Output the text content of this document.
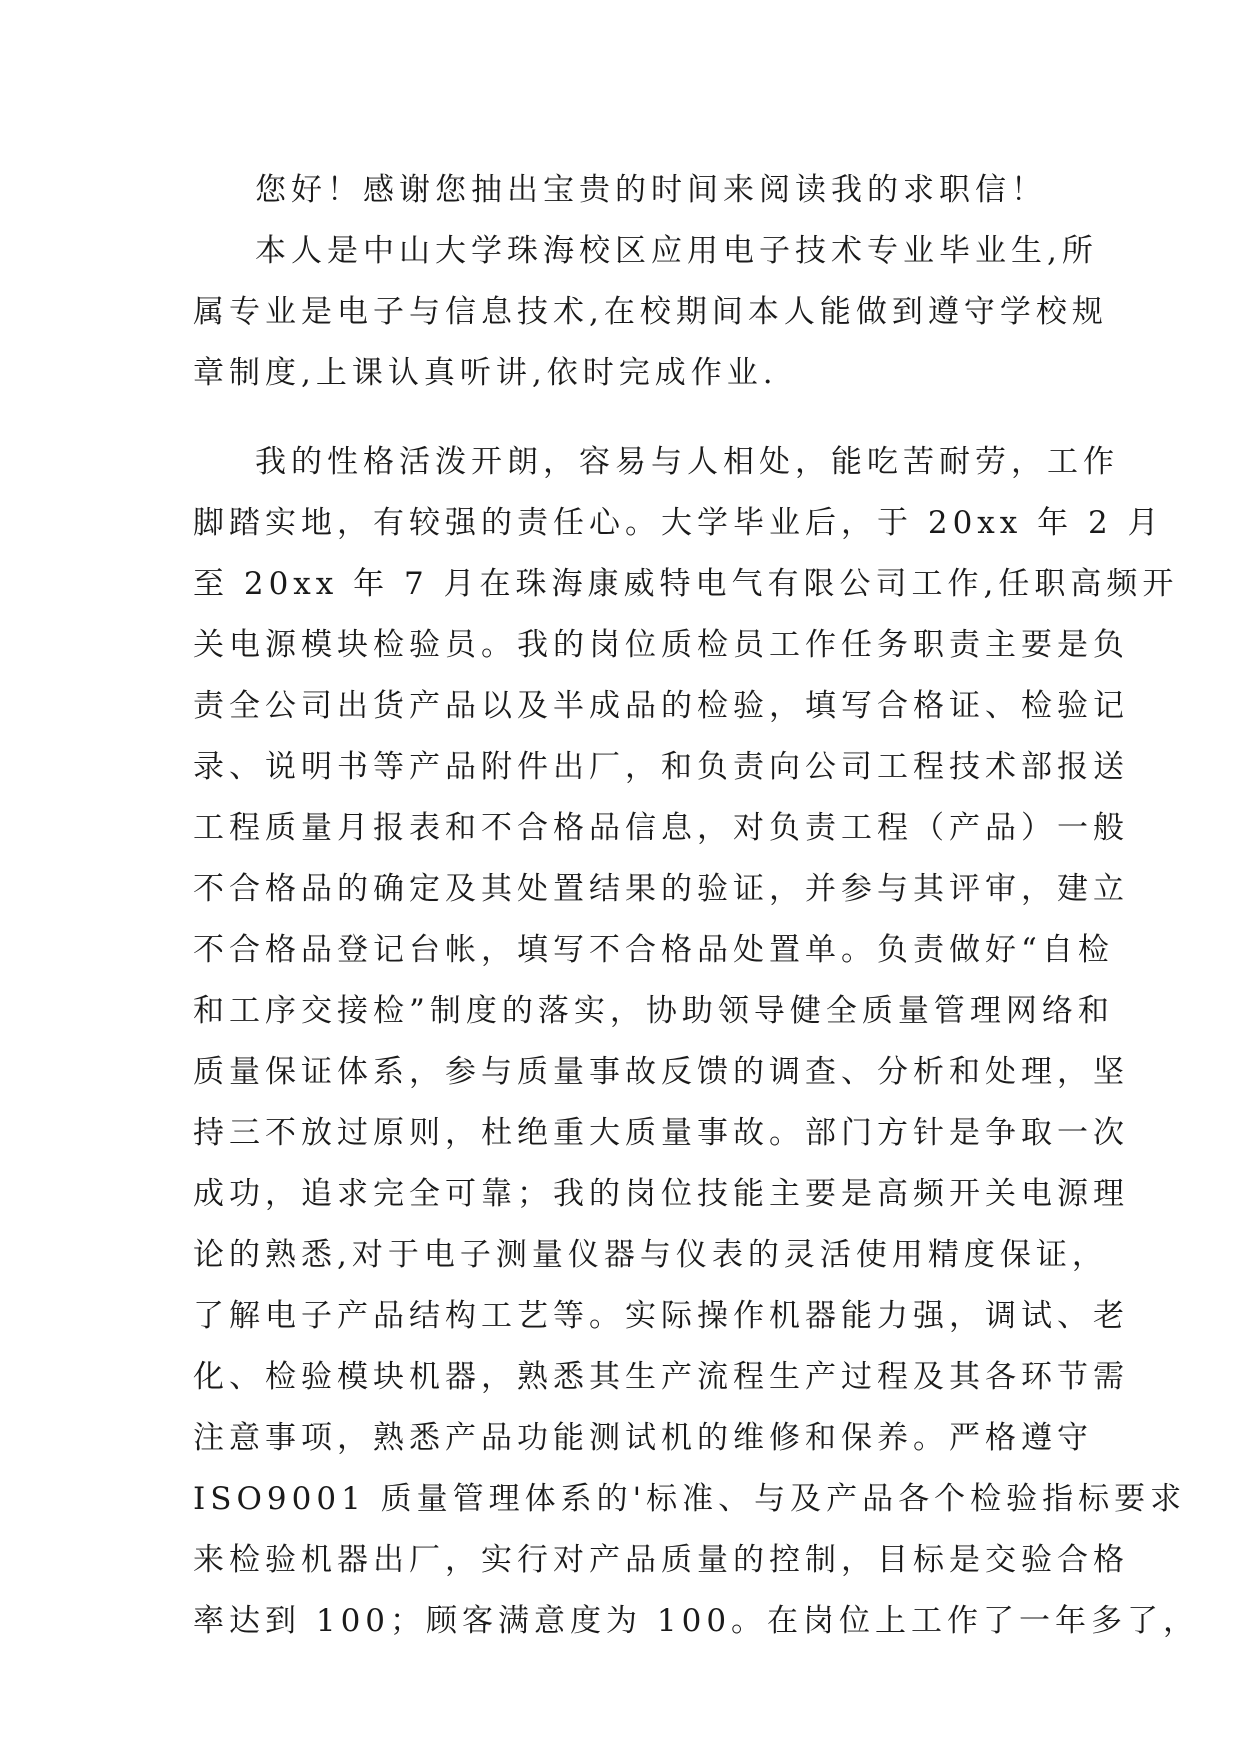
您好！感谢您抽出宝贵的时间来阅读我的求职信！
本人是中山大学珠海校区应用电子技术专业毕业生,所
属专业是电子与信息技术,在校期间本人能做到遵守学校规
章制度,上课认真听讲,依时完成作业.
我的性格活泼开朗，容易与人相处，能吃苦耐劳，工作
脚踏实地，有较强的责任心。大学毕业后，于 20xx 年 2 月
至 20xx 年 7 月在珠海康威特电气有限公司工作,任职高频开
关电源模块检验员。我的岗位质检员工作任务职责主要是负
责全公司出货产品以及半成品的检验，填写合格证、检验记
录、说明书等产品附件出厂，和负责向公司工程技术部报送
工程质量月报表和不合格品信息，对负责工程（产品）一般
不合格品的确定及其处置结果的验证，并参与其评审，建立
不合格品登记台帐，填写不合格品处置单。负责做好“自检
和工序交接检”制度的落实，协助领导健全质量管理网络和
质量保证体系，参与质量事故反馈的调查、分析和处理，坚
持三不放过原则，杜绝重大质量事故。部门方针是争取一次
成功，追求完全可靠；我的岗位技能主要是高频开关电源理
论的熟悉,对于电子测量仪器与仪表的灵活使用精度保证，
了解电子产品结构工艺等。实际操作机器能力强，调试、老
化、检验模块机器，熟悉其生产流程生产过程及其各环节需
注意事项，熟悉产品功能测试机的维修和保养。严格遵守
ISO9001 质量管理体系的'标准、与及产品各个检验指标要求
来检验机器出厂，实行对产品质量的控制，目标是交验合格
率达到 100；顾客满意度为 100。在岗位上工作了一年多了，
